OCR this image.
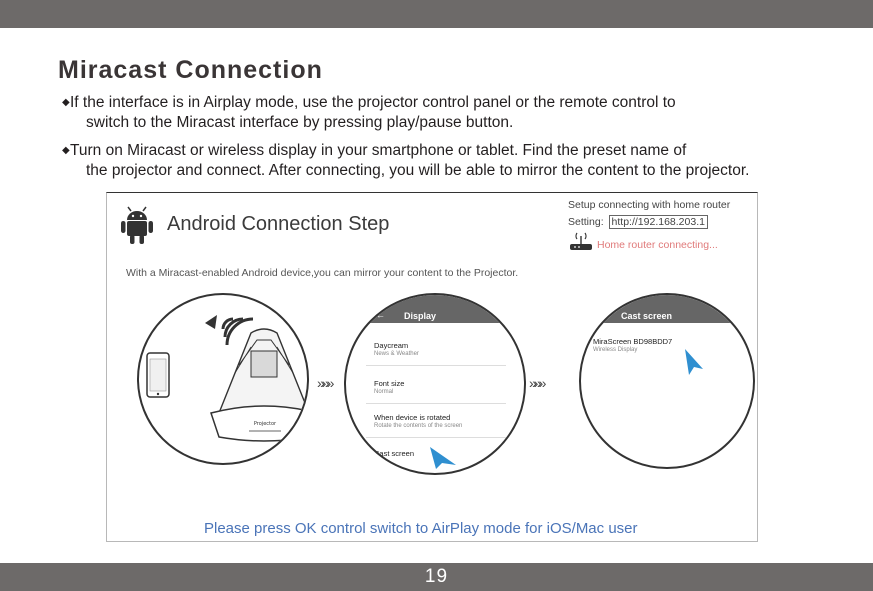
Miracast Connection
◆ If the interface is in Airplay mode, use the projector control panel or the remote control to
switch to the Miracast interface by pressing play/pause button.
◆ Turn on Miracast or wireless display in your smartphone or tablet. Find the preset name of
the projector and connect. After connecting, you will be able to mirror the content to the projector.
Android Connection Step
Setup connecting with home router
Setting: http://192.168.203.1
Home router connecting...
With a Miracast-enabled Android device,you can mirror your content to the Projector.
Projector
»»»
← Display
Daycream
News & Weather
Font size
Normal
When device is rotated
Rotate the contents of the screen
Cast screen
»»»
← Cast screen
MiraScreen BD98BDD7
Wireless Display
Please press OK control switch to AirPlay mode for iOS/Mac user
19
